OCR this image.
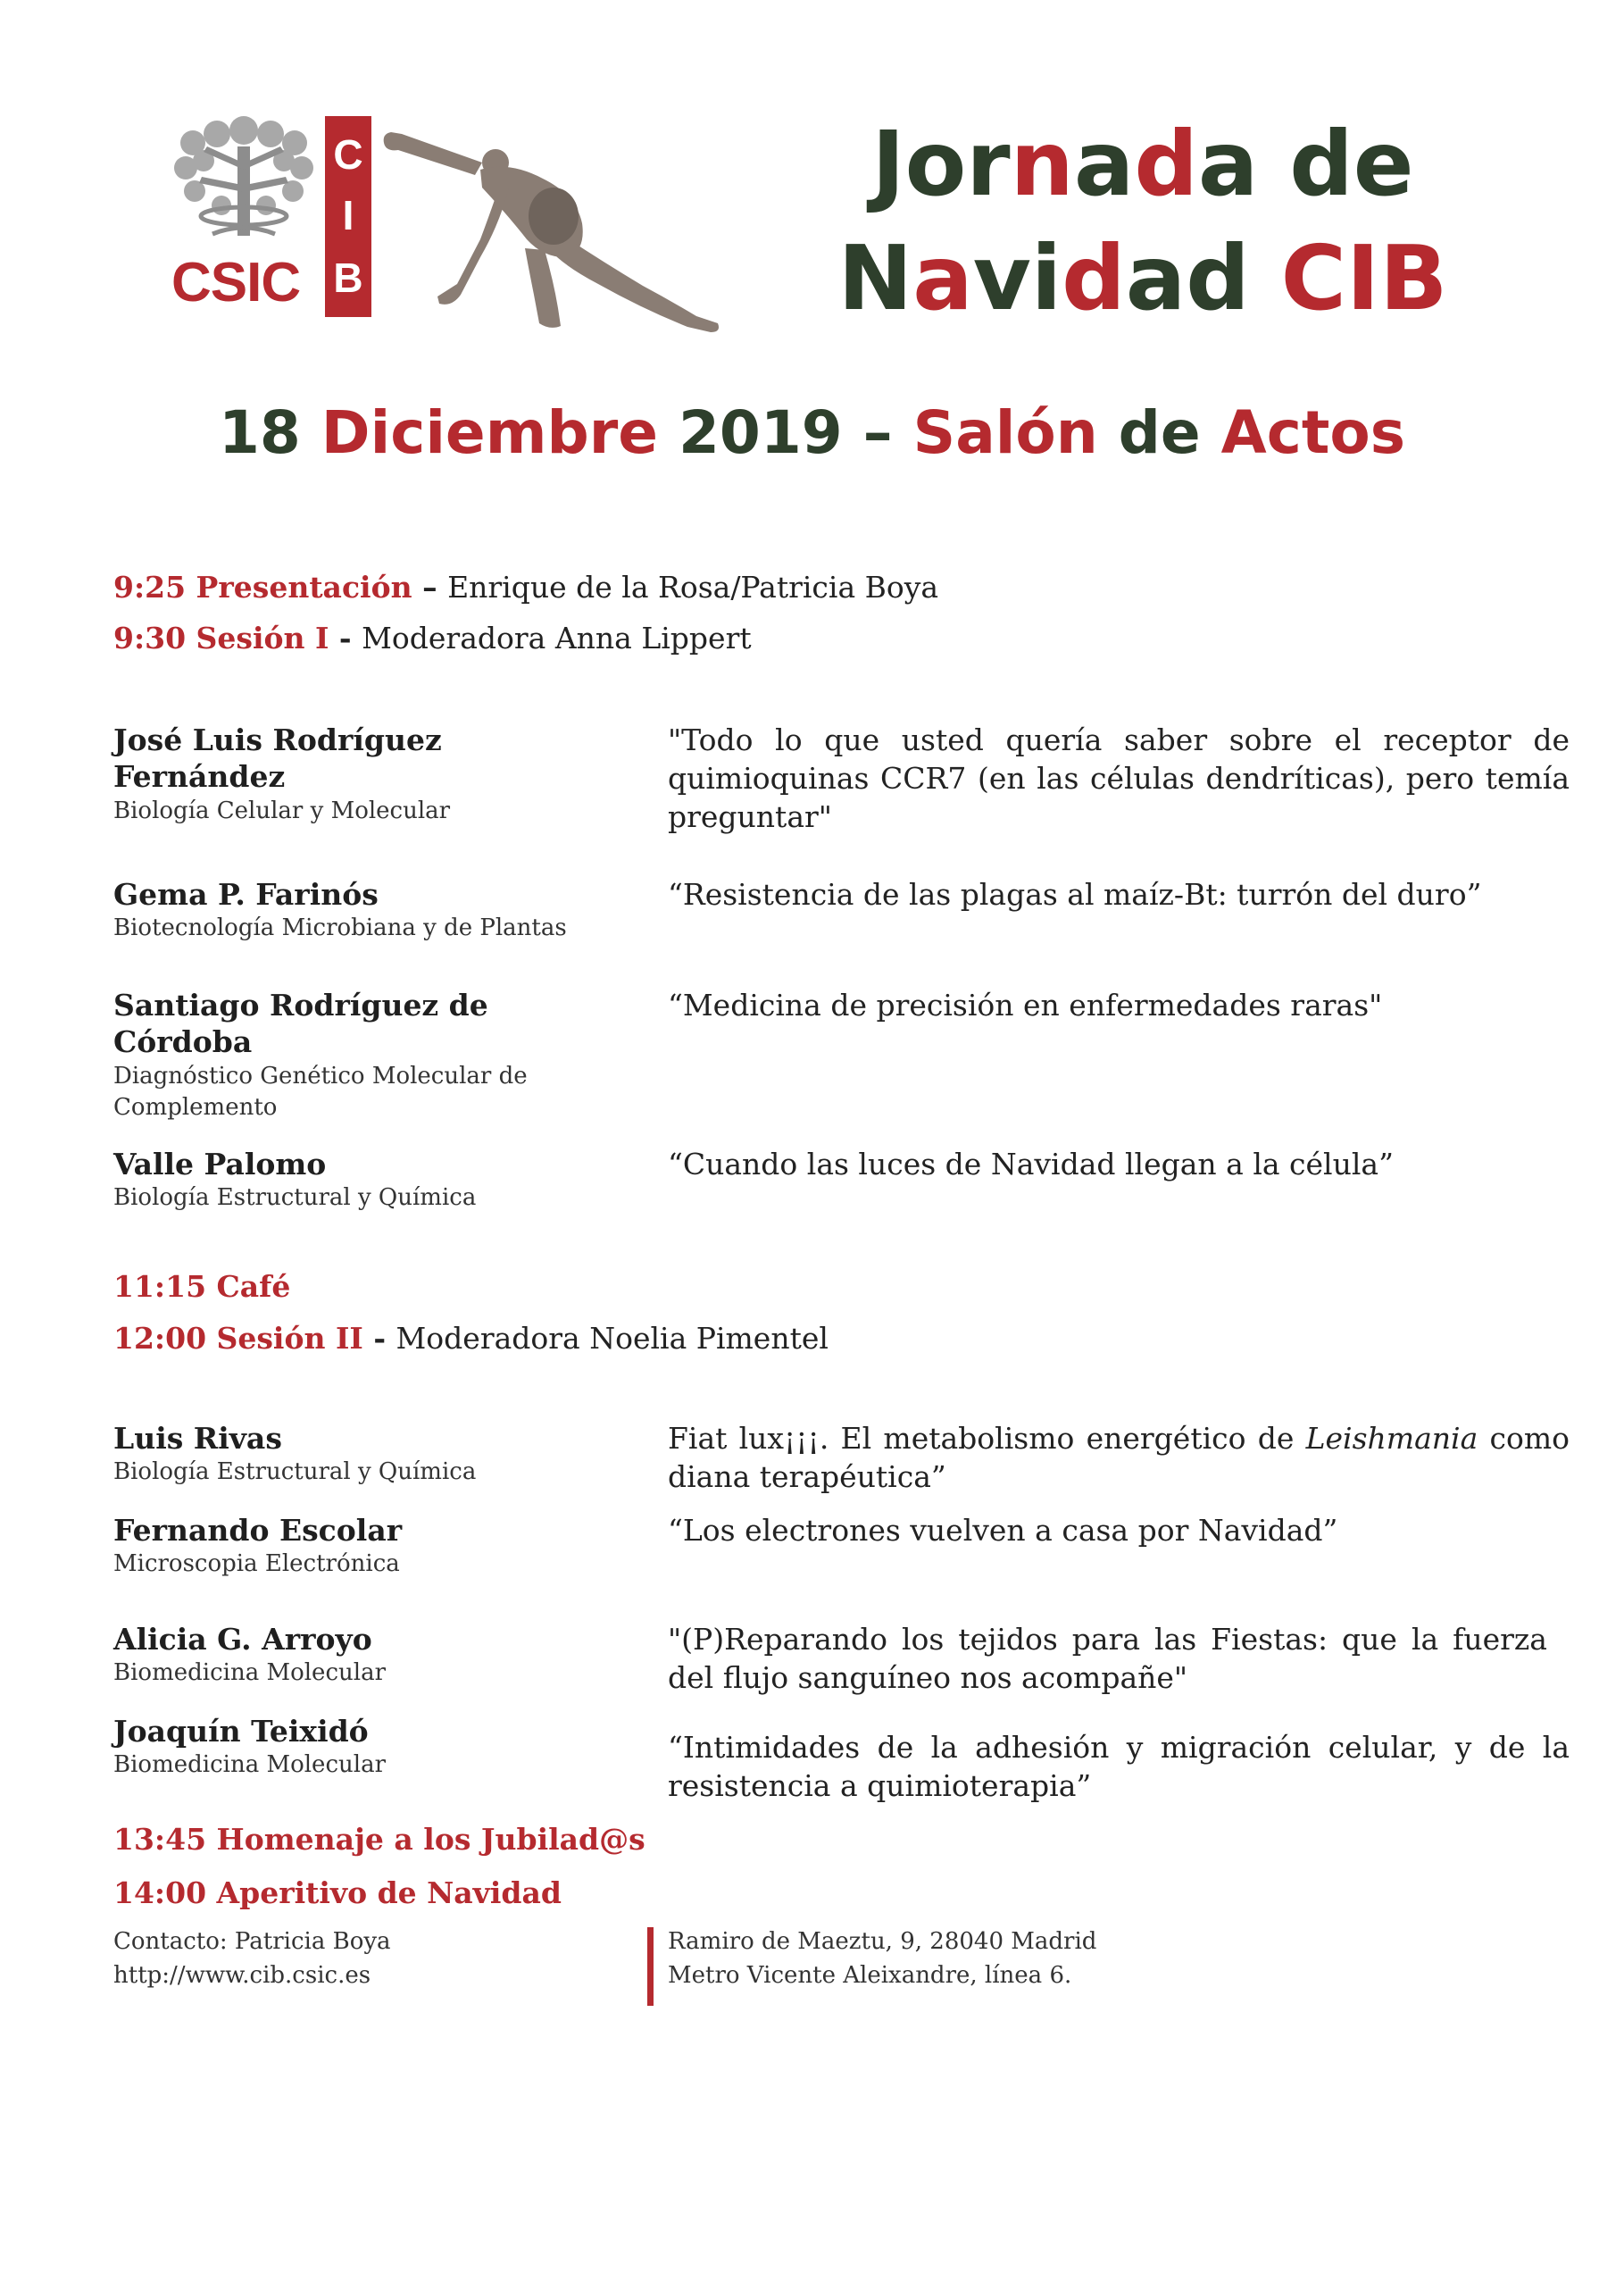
CSIC
C
I
B
Jornada de
Navidad CIB
18 Diciembre 2019 – Salón de Actos
9:25 Presentación – Enrique de la Rosa/Patricia Boya
9:30 Sesión I - Moderadora Anna Lippert
José Luis Rodríguez Fernández
Biología Celular y Molecular
"Todo lo que usted quería saber sobre el receptor de quimioquinas CCR7 (en las células dendríticas), pero temía preguntar"
Gema P. Farinós
Biotecnología Microbiana y de Plantas
“Resistencia de las plagas al maíz-Bt: turrón del duro”
Santiago Rodríguez de Córdoba
Diagnóstico Genético Molecular de Complemento
“Medicina de precisión en enfermedades raras"
Valle Palomo
Biología Estructural y Química
“Cuando las luces de Navidad llegan a la célula”
11:15 Café
12:00 Sesión II - Moderadora Noelia Pimentel
Luis Rivas
Biología Estructural y Química
Fiat lux¡¡¡. El metabolismo energético de Leishmania como diana terapéutica”
Fernando Escolar
Microscopia Electrónica
“Los electrones vuelven a casa por Navidad”
Alicia G. Arroyo
Biomedicina Molecular
"(P)Reparando los tejidos para las Fiestas: que la fuerza del flujo sanguíneo nos acompañe"
Joaquín Teixidó
Biomedicina Molecular
“Intimidades de la adhesión y migración celular, y de la resistencia a quimioterapia”
13:45 Homenaje a los Jubilad@s
14:00 Aperitivo de Navidad
Contacto: Patricia Boya
http://www.cib.csic.es
Ramiro de Maeztu, 9, 28040 Madrid
Metro Vicente Aleixandre, línea 6.
